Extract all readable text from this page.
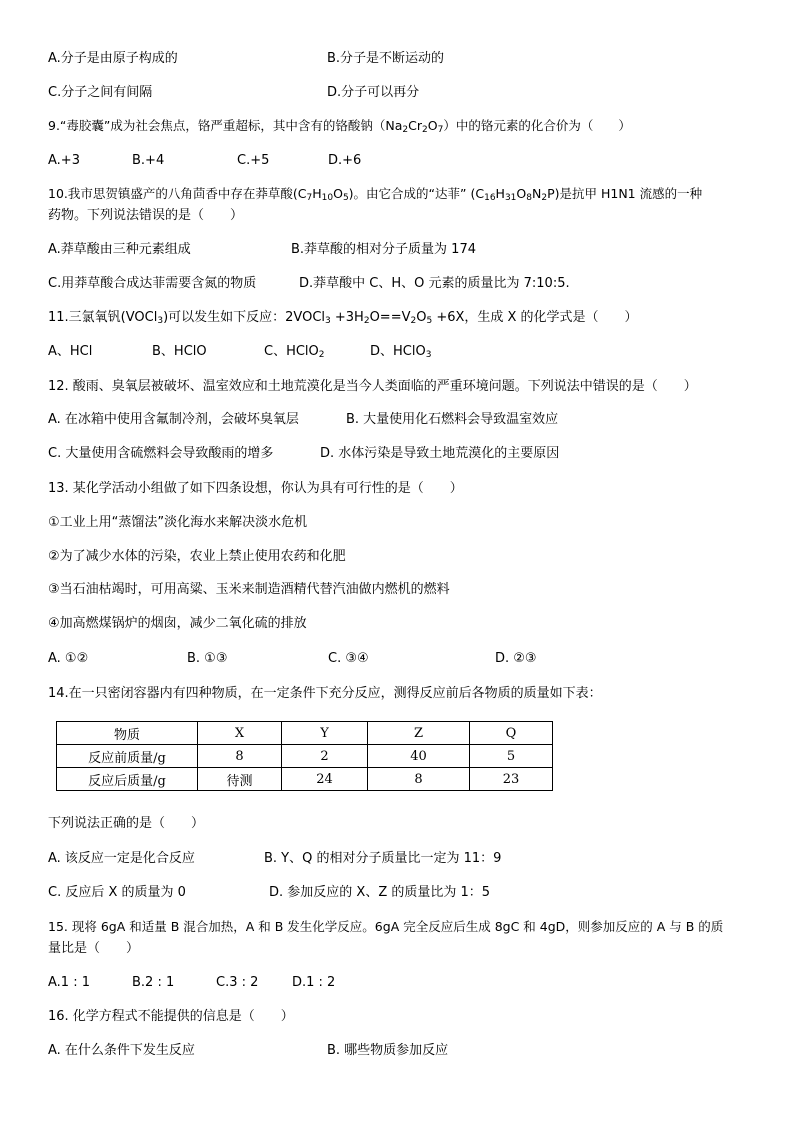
A.分子是由原子构成的	B.分子是不断运动的
C.分子之间有间隔	D.分子可以再分
9.“毒胶囊”成为社会焦点，铬严重超标，其中含有的铬酸钠$(Na_2Cr_2O_7)$中的铬元素的化合价为（　　）
A.+3	B.+4	C.+5	D.+6
10.我市思贺镇盛产的八角茴香中存在莽草酸$(C_7H_{10}O_5)$。由它合成的“达菲” $(C_{16}H_{31}O_8N_2P)$是抗甲 H1N1 流感的一种
药物。下列说法错误的是（　　）
A.莽草酸由三种元素组成	B.莽草酸的相对分子质量为 174
C.用莽草酸合成达菲需要含氮的物质	D.莽草酸中 C、H、O 元素的质量比为 7:10:5.
11.三氯氧钒(VOCl$_3$)可以发生如下反应：2VOCl$_3$ $+3H_2O==V_2O_5 +6X$，生成 X 的化学式是（　　）
A、HCl	B、HClO	C、HClO$_2$	D、HClO$_3$
12. 酸雨、臭氧层被破坏、温室效应和土地荒漠化是当今人类面临的严重环境问题。下列说法中错误的是（　　）
A. 在冰箱中使用含氟制冷剂，会破坏臭氧层	B. 大量使用化石燃料会导致温室效应
C. 大量使用含硫燃料会导致酸雨的增多	D. 水体污染是导致土地荒漠化的主要原因
13. 某化学活动小组做了如下四条设想，你认为具有可行性的是（　　）
①工业上用“蒸馏法”淡化海水来解决淡水危机
②为了减少水体的污染，农业上禁止使用农药和化肥
③当石油枯竭时，可用高粱、玉米来制造酒精代替汽油做内燃机的燃料
④加高燃煤锅炉的烟囱，减少二氧化硫的排放
A. ①②	B. ①③	C. ③④	D. ②③
14.在一只密闭容器内有四种物质，在一定条件下充分反应，测得反应前后各物质的质量如下表：
物质	X	Y	Z	Q
反应前质量/g	8	2	40	5
反应后质量/g	待测	24	8	23
下列说法正确的是（　　）
A. 该反应一定是化合反应	B. Y、Q 的相对分子质量比一定为 11：9
C. 反应后 X 的质量为 0	D. 参加反应的 X、Z 的质量比为 1：5
15. 现将 6gA 和适量 B 混合加热，A 和 B 发生化学反应。6gA 完全反应后生成 8gC 和 4gD，则参加反应的 A 与 B 的质
量比是（　　）
A.1 : 1	B.2 : 1	C.3 : 2	D.1 : 2
16. 化学方程式不能提供的信息是（　　）
A. 在什么条件下发生反应	B. 哪些物质参加反应
